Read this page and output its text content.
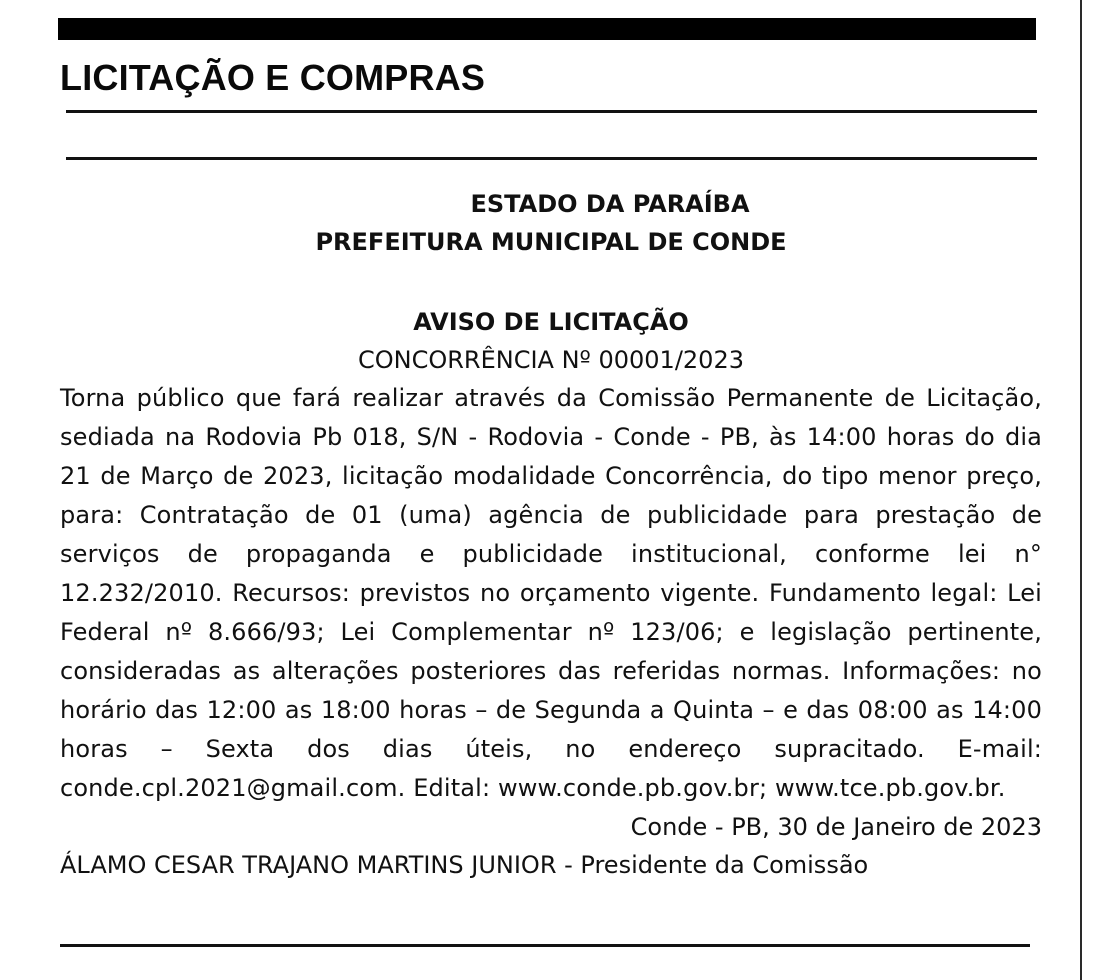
LICITAÇÃO E COMPRAS
ESTADO DA PARAÍBA
PREFEITURA MUNICIPAL DE CONDE
AVISO DE LICITAÇÃO
CONCORRÊNCIA Nº 00001/2023

Torna público que fará realizar através da Comissão Permanente de Licitação, sediada na Rodovia Pb 018, S/N - Rodovia - Conde - PB, às 14:00 horas do dia 21 de Março de 2023, licitação modalidade Concorrência, do tipo menor preço, para: Contratação de 01 (uma) agência de publicidade para prestação de serviços de propaganda e publicidade institucional, conforme lei n° 12.232/2010. Recursos: previstos no orçamento vigente. Fundamento legal: Lei Federal nº 8.666/93; Lei Complementar nº 123/06; e legislação pertinente, consideradas as alterações posteriores das referidas normas. Informações: no horário das 12:00 as 18:00 horas – de Segunda a Quinta – e das 08:00 as 14:00 horas – Sexta dos dias úteis, no endereço supracitado. E-mail: conde.cpl.2021@gmail.com. Edital: www.conde.pb.gov.br; www.tce.pb.gov.br.

Conde - PB, 30 de Janeiro de 2023
ÁLAMO CESAR TRAJANO MARTINS JUNIOR - Presidente da Comissão
